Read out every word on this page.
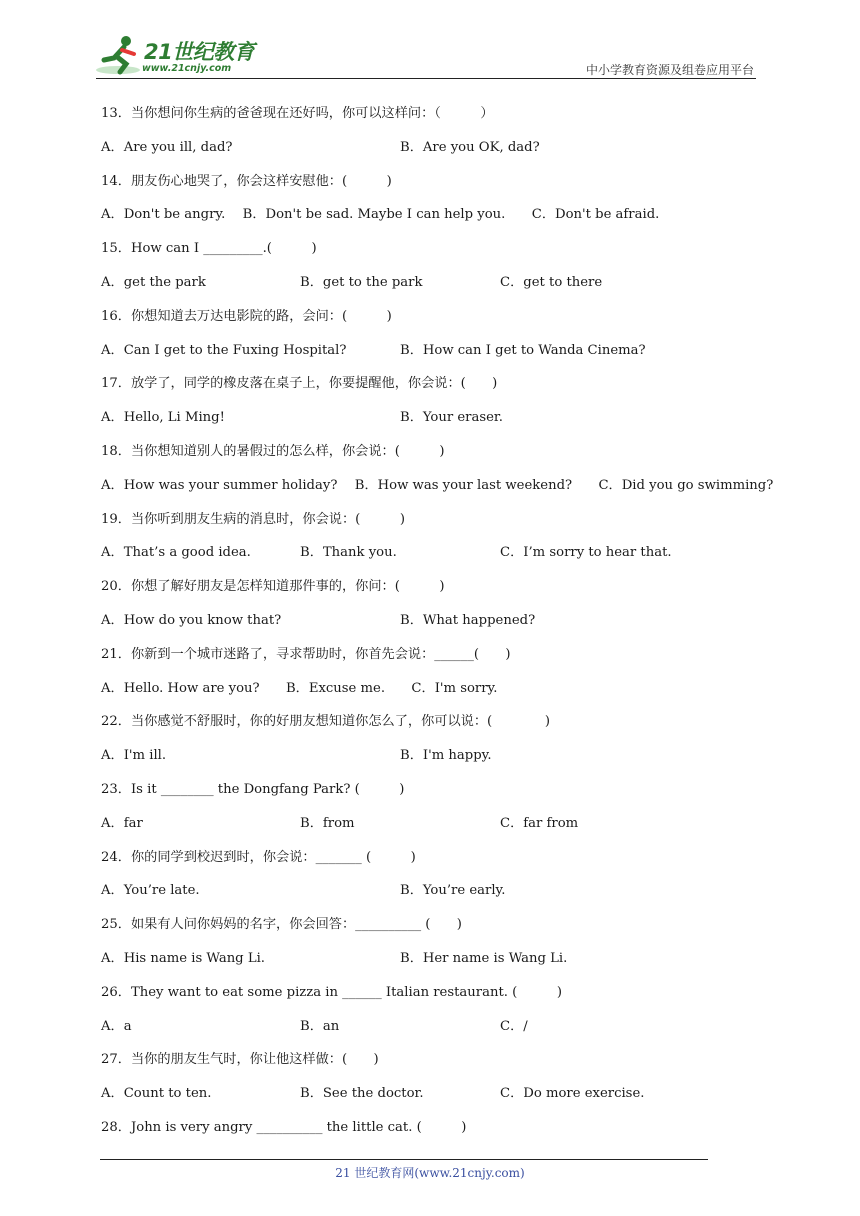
21世纪教育
www.21cnjy.com	中小学教育资源及组卷应用平台
13．当你想问你生病的爸爸现在还好吗，你可以这样问：（　　　）
A．Are you ill, dad?	B．Are you OK, dad?
14．朋友伤心地哭了，你会这样安慰他：(　　　)
A．Don't be angry.　 B．Don't be sad. Maybe I can help you.　　C．Don't be afraid.
15．How can I _________.(　　　)
A．get the park	B．get to the park	C．get to there
16．你想知道去万达电影院的路，会问：(　　　)
A．Can I get to the Fuxing Hospital?	B．How can I get to Wanda Cinema?
17．放学了，同学的橡皮落在桌子上，你要提醒他，你会说：(　　)
A．Hello, Li Ming!	B．Your eraser.
18．当你想知道别人的暑假过的怎么样，你会说：(　　　)
A．How was your summer holiday?　 B．How was your last weekend?　　C．Did you go swimming?
19．当你听到朋友生病的消息时，你会说：(　　　)
A．That’s a good idea.	B．Thank you.	C．I’m sorry to hear that.
20．你想了解好朋友是怎样知道那件事的，你问：(　　　)
A．How do you know that?	B．What happened?
21．你新到一个城市迷路了，寻求帮助时，你首先会说：______(　　)
A．Hello. How are you?　　B．Excuse me.　　C．I'm sorry.
22．当你感觉不舒服时，你的好朋友想知道你怎么了，你可以说：(　　　　)
A．I'm ill.	B．I'm happy.
23．Is it ________ the Dongfang Park? (　　　)
A．far	B．from	C．far from
24．你的同学到校迟到时，你会说：_______ (　　　)
A．You’re late.	B．You’re early.
25．如果有人问你妈妈的名字，你会回答：__________ (　　)
A．His name is Wang Li.	B．Her name is Wang Li.
26．They want to eat some pizza in ______ Italian restaurant. (　　　)
A．a	B．an	C．/
27．当你的朋友生气时，你让他这样做：(　　)
A．Count to ten.	B．See the doctor.	C．Do more exercise.
28．John is very angry __________ the little cat. (　　　)
21 世纪教育网(www.21cnjy.com)
